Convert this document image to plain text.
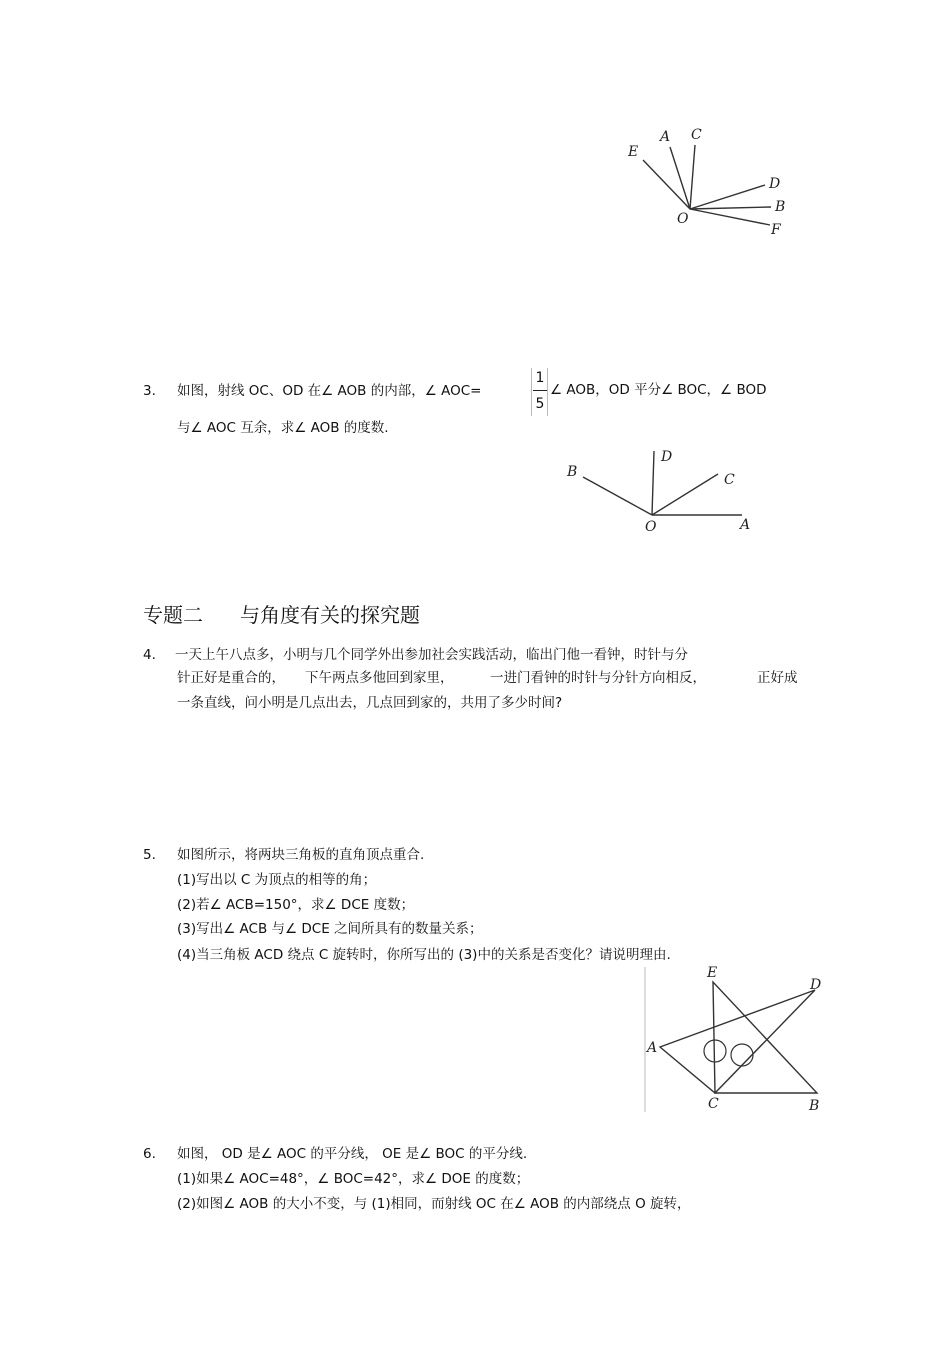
E
A C
D
B
O
F
3. 如图，射线 OC、OD 在∠ AOB 的内部，∠ AOC=
1
5
∠ AOB，OD 平分∠ BOC，∠ BOD
与∠ AOC 互余，求∠ AOB 的度数.
B
D
C
O	A
专题二 与角度有关的探究题
4. 一天上午八点多，小明与几个同学外出参加社会实践活动，临出门他一看钟，时针与分
针正好是重合的， 下午两点多他回到家里，	一进门看钟的时针与分针方向相反，	正好成
一条直线，问小明是几点出去，几点回到家的，共用了多少时间?
5. 如图所示，将两块三角板的直角顶点重合.
(1)写出以 C 为顶点的相等的角；
(2)若∠ ACB=150°，求∠ DCE 度数；
(3)写出∠ ACB 与∠ DCE 之间所具有的数量关系；
(4)当三角板 ACD 绕点 C 旋转时，你所写出的 (3)中的关系是否变化？请说明理由.
E
D
A
C	B
6. 如图， OD 是∠ AOC 的平分线， OE 是∠ BOC 的平分线.
(1)如果∠ AOC=48°，∠ BOC=42°，求∠ DOE 的度数；
(2)如图∠ AOB 的大小不变，与 (1)相同，而射线 OC 在∠ AOB 的内部绕点 O 旋转，
